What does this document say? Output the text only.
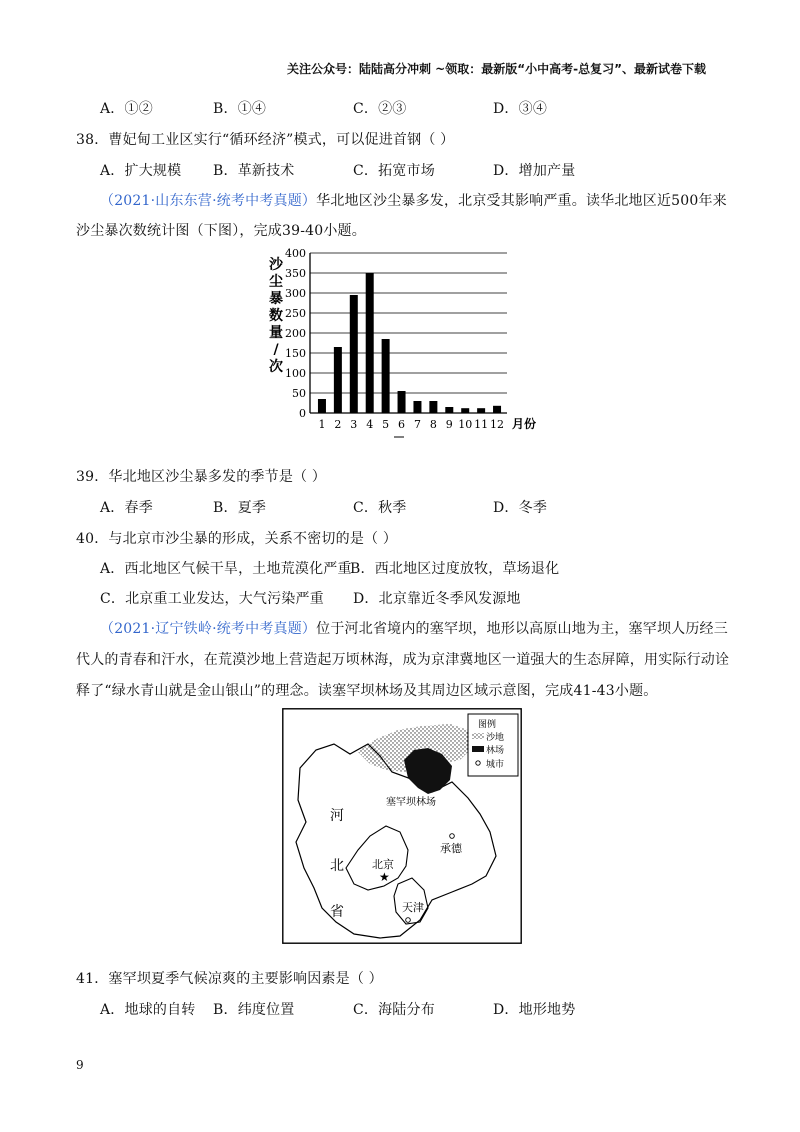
关注公众号：陆陆高分冲刺 ~领取：最新版“小中高考-总复习”、最新试卷下载
A．①②	B．①④	C．②③	D．③④
38．曹妃甸工业区实行“循环经济”模式，可以促进首钢（ ）
A．扩大规模 B．革新技术	C．拓宽市场	D．增加产量
（2021·山东东营·统考中考真题）华北地区沙尘暴多发，北京受其影响严重。读华北地区近500年来
沙尘暴次数统计图（下图），完成39-40小题。
沙
尘
暴
数
量
/
次
0
50
100
150
200
250
300
350
400
1 2 3 4 5 6 7 8 9 10 11 12 月份
39．华北地区沙尘暴多发的季节是（ ）
A．春季	B．夏季	C．秋季	D．冬季
40．与北京市沙尘暴的形成，关系不密切的是（ ）
A．西北地区气候干旱，土地荒漠化严重
B．西北地区过度放牧，草场退化
C．北京重工业发达，大气污染严重 D．北京靠近冬季风发源地
（2021·辽宁铁岭·统考中考真题）位于河北省境内的塞罕坝，地形以高原山地为主，塞罕坝人历经三
代人的青春和汗水，在荒漠沙地上营造起万顷林海，成为京津冀地区一道强大的生态屏障，用实际行动诠
释了“绿水青山就是金山银山”的理念。读塞罕坝林场及其周边区域示意图，完成41-43小题。
图例
沙地
林场
城市
塞罕坝林场
河
北
省
北京
★
承德
天津
41．塞罕坝夏季气候凉爽的主要影响因素是（ ）
A．地球的自转 B．纬度位置	C．海陆分布	D．地形地势
9
